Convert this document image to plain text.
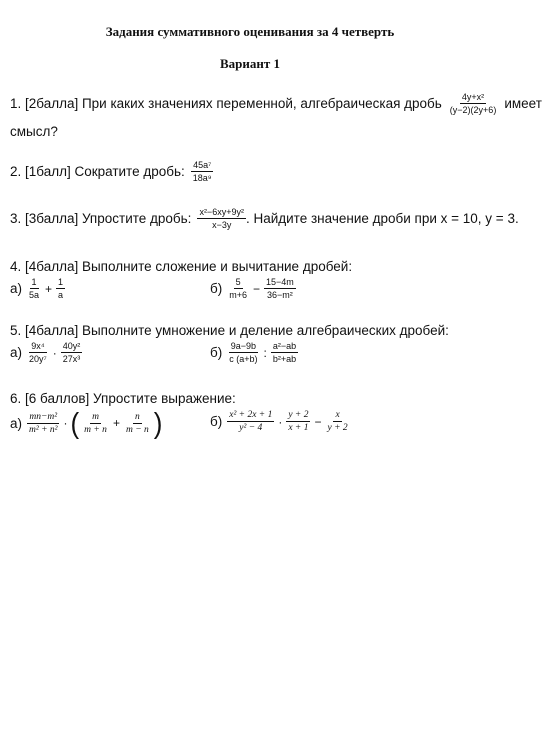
Задания суммативного оценивания за 4 четверть
Вариант 1
1. [2балла] При каких значениях переменной, алгебраическая дробь $\frac{\text{4y+x²}}{(y-2)(2y+6)}$ имеет
смысл?
2. [1балл] Сократите дробь: $\frac{\text{45a⁷}}{\text{18a⁹}}$
3. [3балла] Упростите дробь: $\frac{\text{x²−6xy+9y²}}{x-3y}$ . Найдите значение дроби при x = 10, y = 3.
4. [4балла] Выполните сложение и вычитание дробей:
$а) \frac{1}{5a} + \frac{1}{a}$	$б) \frac{5}{m+6} - \frac{15-4m}{\text{36−m²}}$
5. [4балла] Выполните умножение и деление алгебраических дробей:
$а) \frac{\text{9x⁴}}{\text{20y⁷}} \cdot \frac{\text{40y²}}{\text{27x³}}$	$б) \frac{9a-9b}{c (a+b)}$ : $\frac{\text{a²−ab}}{\text{b²+ab}}$
6. [6 баллов] Упростите выражение:
$а) \frac{\text{mn−m²}}{\text{m² + n²}}$ · ( $\frac{m}{m + n} + \frac{n}{m - n}$ )	$б) \frac{\text{x² + 2x + 1}}{\text{y² − 4}} \cdot \frac{y + 2}{x + 1} - \frac{x}{y + 2}$
